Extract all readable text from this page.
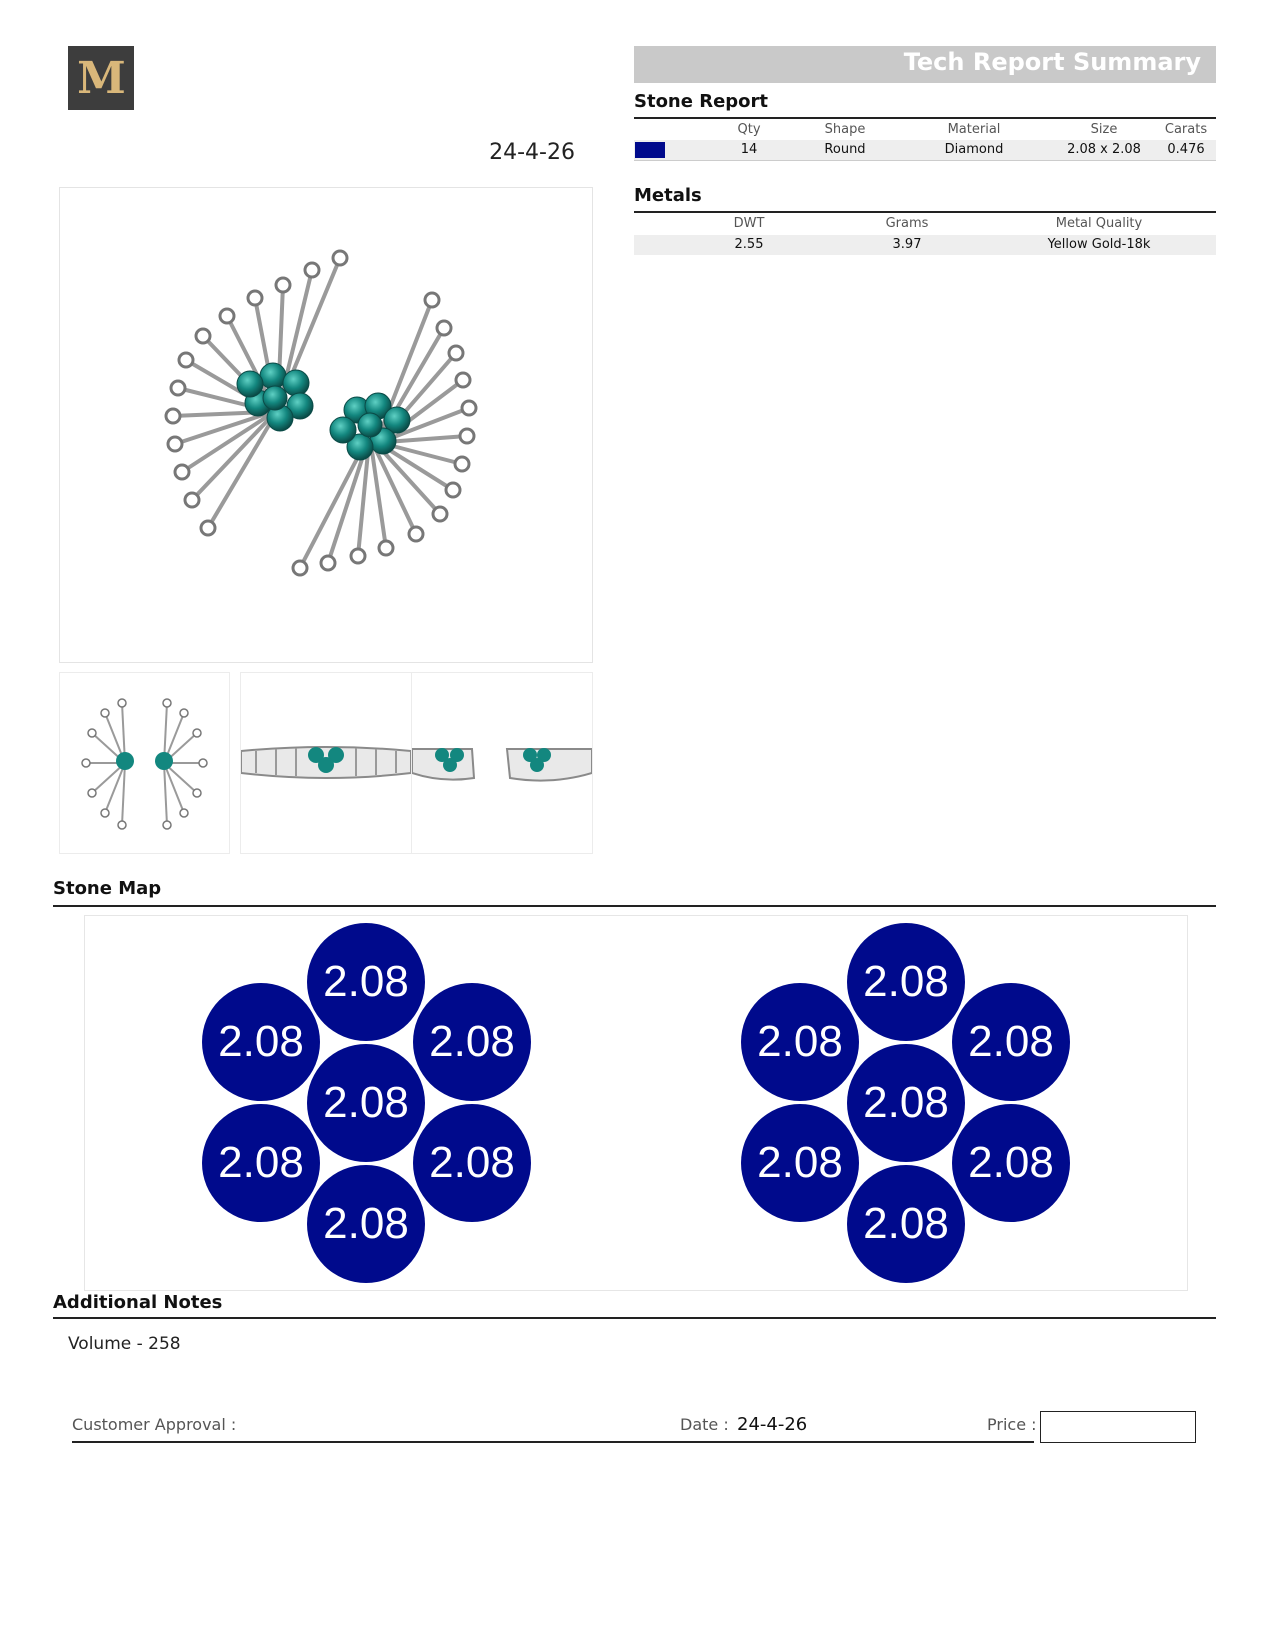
M
24-4-26
Tech Report Summary
Stone Report
Qty	Shape	Material	Size	Carats
14	Round	Diamond	2.08 x 2.08	0.476
Metals
DWT	Grams	Metal Quality
2.55	3.97	Yellow Gold-18k
Stone Map
2.08
2.08	2.08
2.08
2.08	2.08
2.08
2.08
2.08	2.08
2.08
2.08	2.08
2.08
Additional Notes
Volume - 258
Customer Approval :	Date : 24-4-26	Price :
